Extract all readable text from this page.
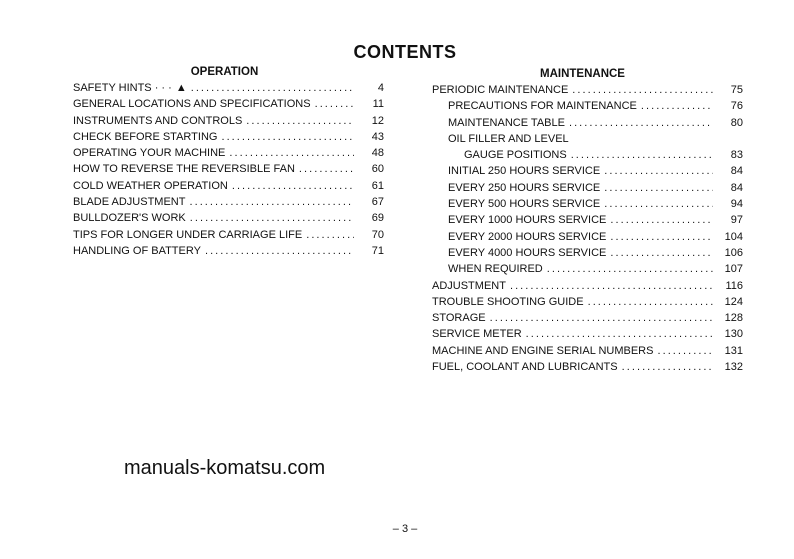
CONTENTS
OPERATION
SAFETY HINTS · · · ▲ . . .	4
GENERAL LOCATIONS AND SPECIFICATIONS . . .	11
INSTRUMENTS AND CONTROLS . . .	12
CHECK BEFORE STARTING . . .	43
OPERATING YOUR MACHINE . . .	48
HOW TO REVERSE THE REVERSIBLE FAN . . .	60
COLD WEATHER OPERATION . . .	61
BLADE ADJUSTMENT . . .	67
BULLDOZER'S WORK . . .	69
TIPS FOR LONGER UNDER CARRIAGE LIFE . . .	70
HANDLING OF BATTERY . . .	71
MAINTENANCE
PERIODIC MAINTENANCE . . .	75
PRECAUTIONS FOR MAINTENANCE . . .	76
MAINTENANCE TABLE . . .	80
OIL FILLER AND LEVEL
GAUGE POSITIONS . . .	83
INITIAL 250 HOURS SERVICE . . .	84
EVERY 250 HOURS SERVICE . . .	84
EVERY 500 HOURS SERVICE . . .	94
EVERY 1000 HOURS SERVICE . . .	97
EVERY 2000 HOURS SERVICE . . .	104
EVERY 4000 HOURS SERVICE . . .	106
WHEN REQUIRED . . .	107
ADJUSTMENT . . .	116
TROUBLE SHOOTING GUIDE . . .	124
STORAGE . . .	128
SERVICE METER . . .	130
MACHINE AND ENGINE SERIAL NUMBERS . . .	131
FUEL, COOLANT AND LUBRICANTS . . .	132
manuals-komatsu.com
– 3 –
